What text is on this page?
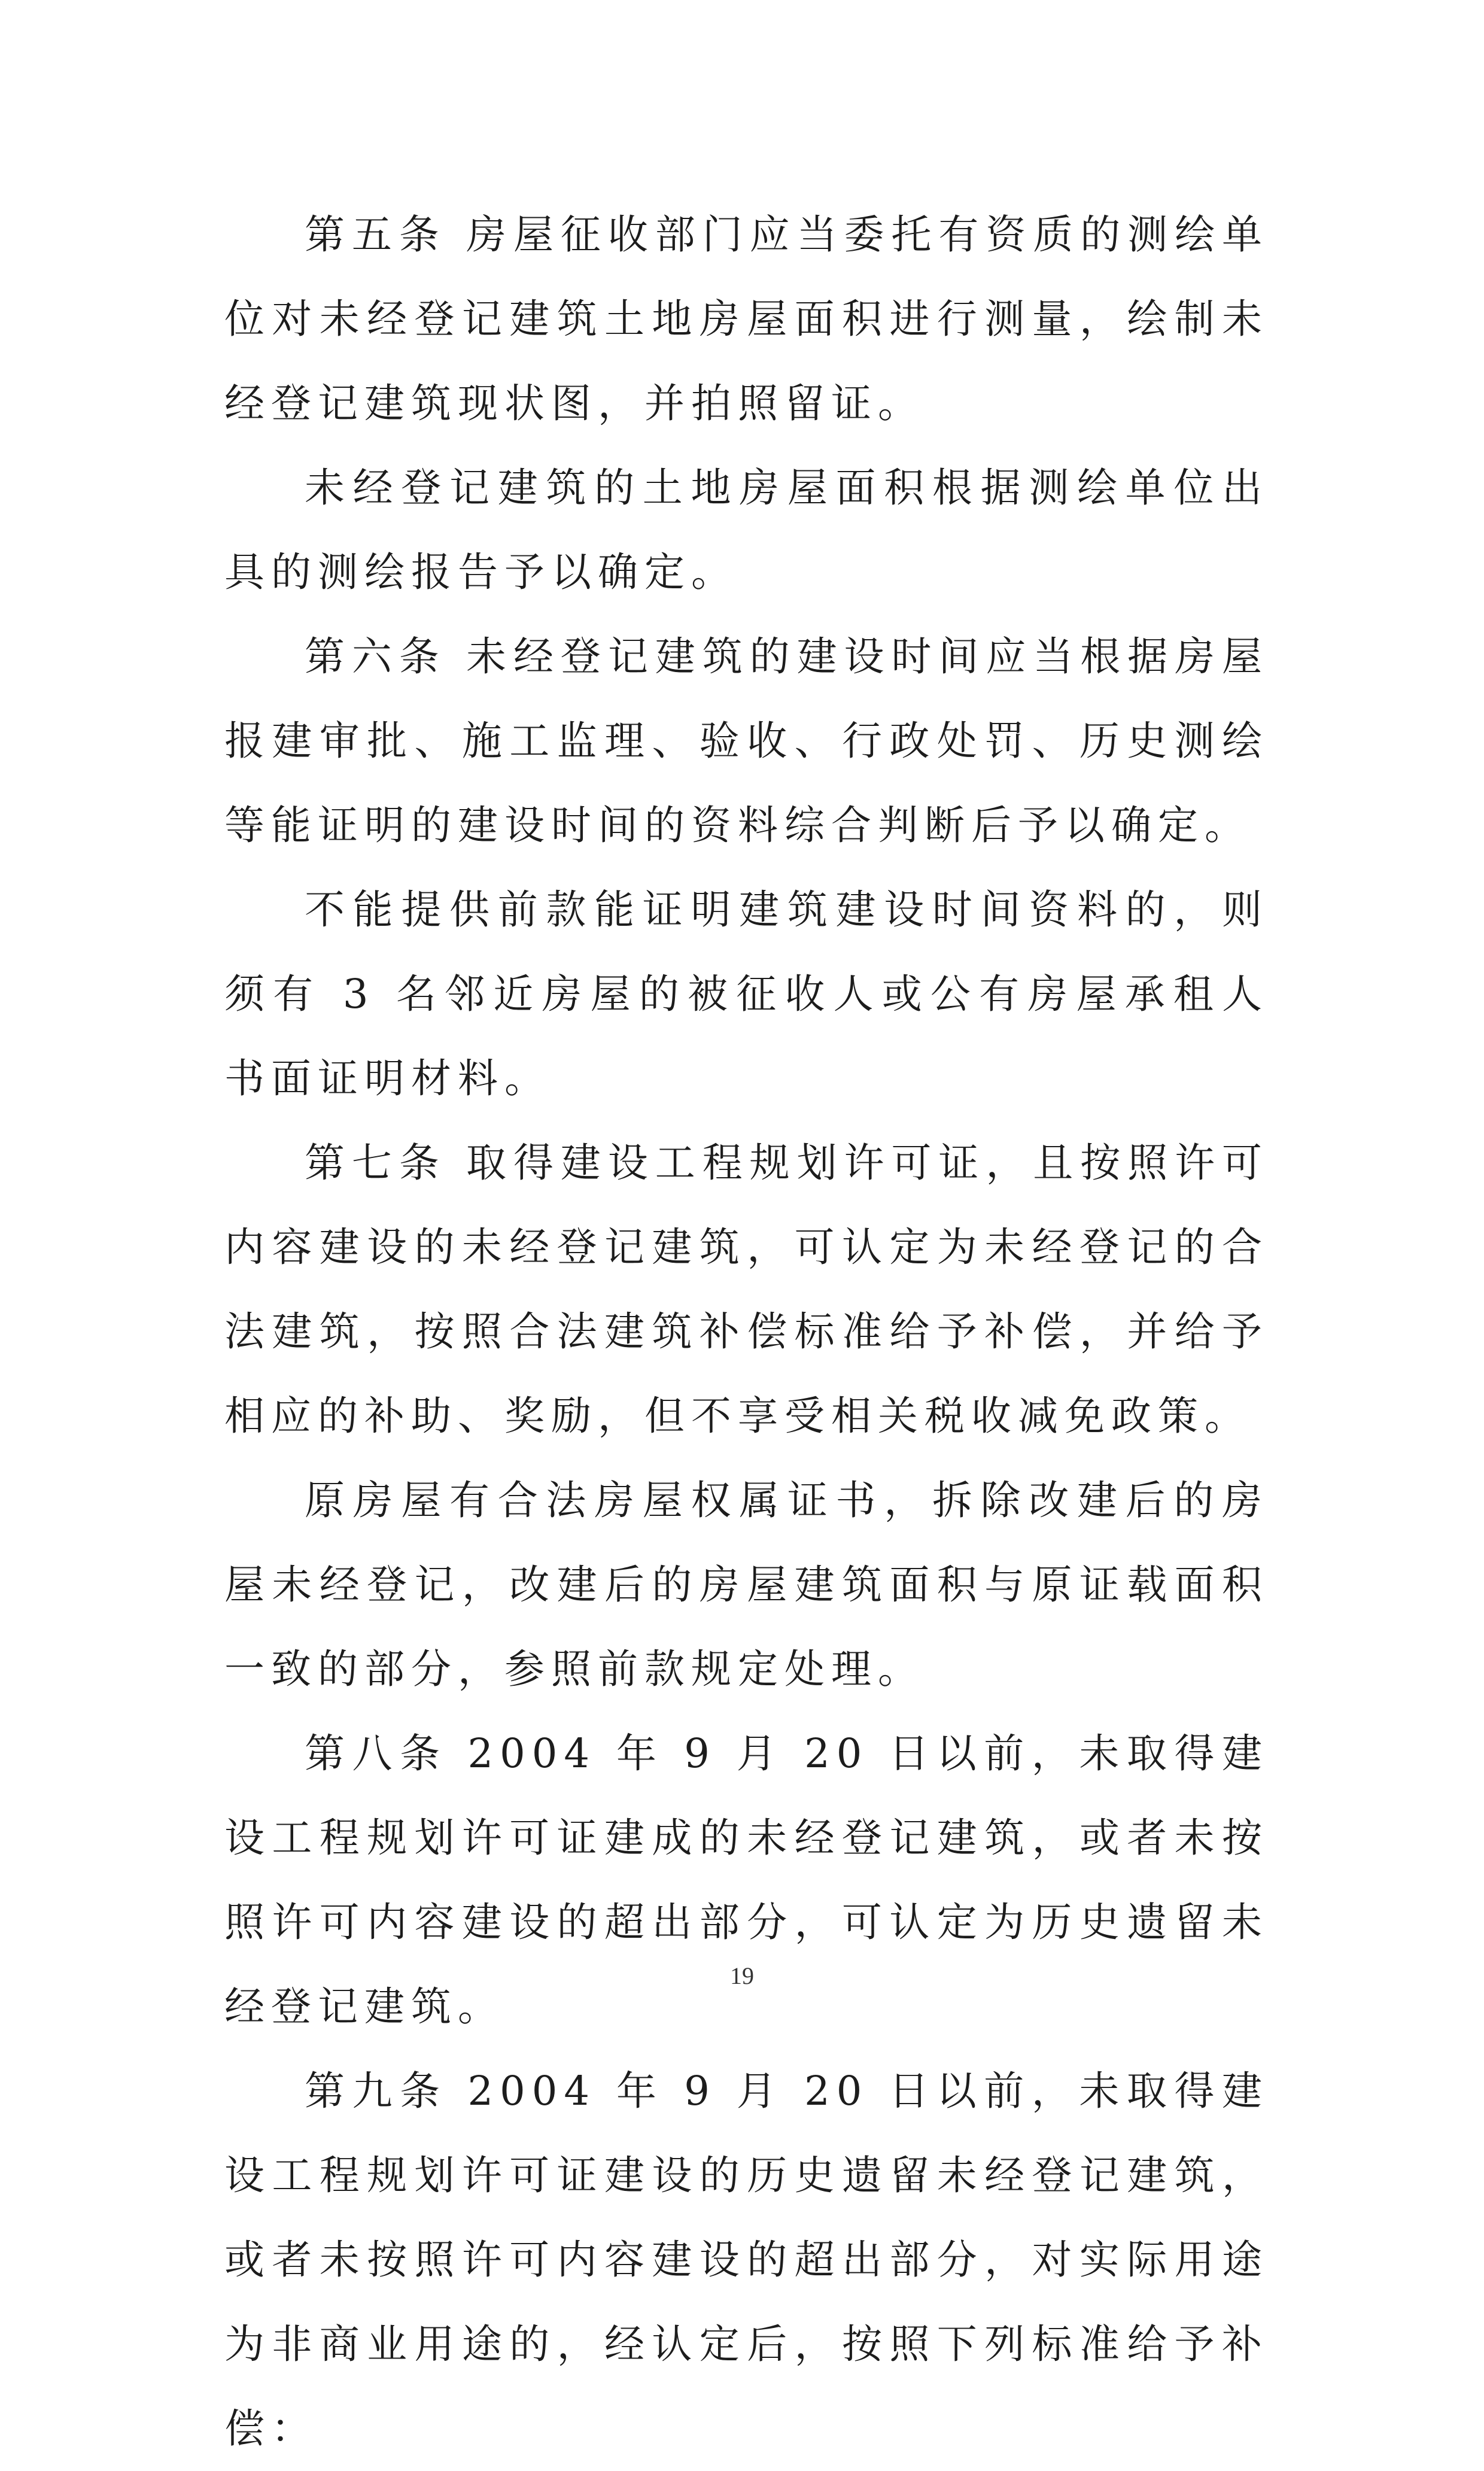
第五条 房屋征收部门应当委托有资质的测绘单位对未经登记建筑土地房屋面积进行测量，绘制未经登记建筑现状图，并拍照留证。

未经登记建筑的土地房屋面积根据测绘单位出具的测绘报告予以确定。

第六条 未经登记建筑的建设时间应当根据房屋报建审批、施工监理、验收、行政处罚、历史测绘等能证明的建设时间的资料综合判断后予以确定。

不能提供前款能证明建筑建设时间资料的，则须有 3 名邻近房屋的被征收人或公有房屋承租人书面证明材料。

第七条 取得建设工程规划许可证，且按照许可内容建设的未经登记建筑，可认定为未经登记的合法建筑，按照合法建筑补偿标准给予补偿，并给予相应的补助、奖励，但不享受相关税收减免政策。

原房屋有合法房屋权属证书，拆除改建后的房屋未经登记，改建后的房屋建筑面积与原证载面积一致的部分，参照前款规定处理。

第八条 2004 年 9 月 20 日以前，未取得建设工程规划许可证建成的未经登记建筑，或者未按照许可内容建设的超出部分，可认定为历史遗留未经登记建筑。

第九条 2004 年 9 月 20 日以前，未取得建设工程规划许可证建设的历史遗留未经登记建筑，或者未按照许可内容建设的超出部分，对实际用途为非商业用途的，经认定后，按照下列标准给予补偿：

19
